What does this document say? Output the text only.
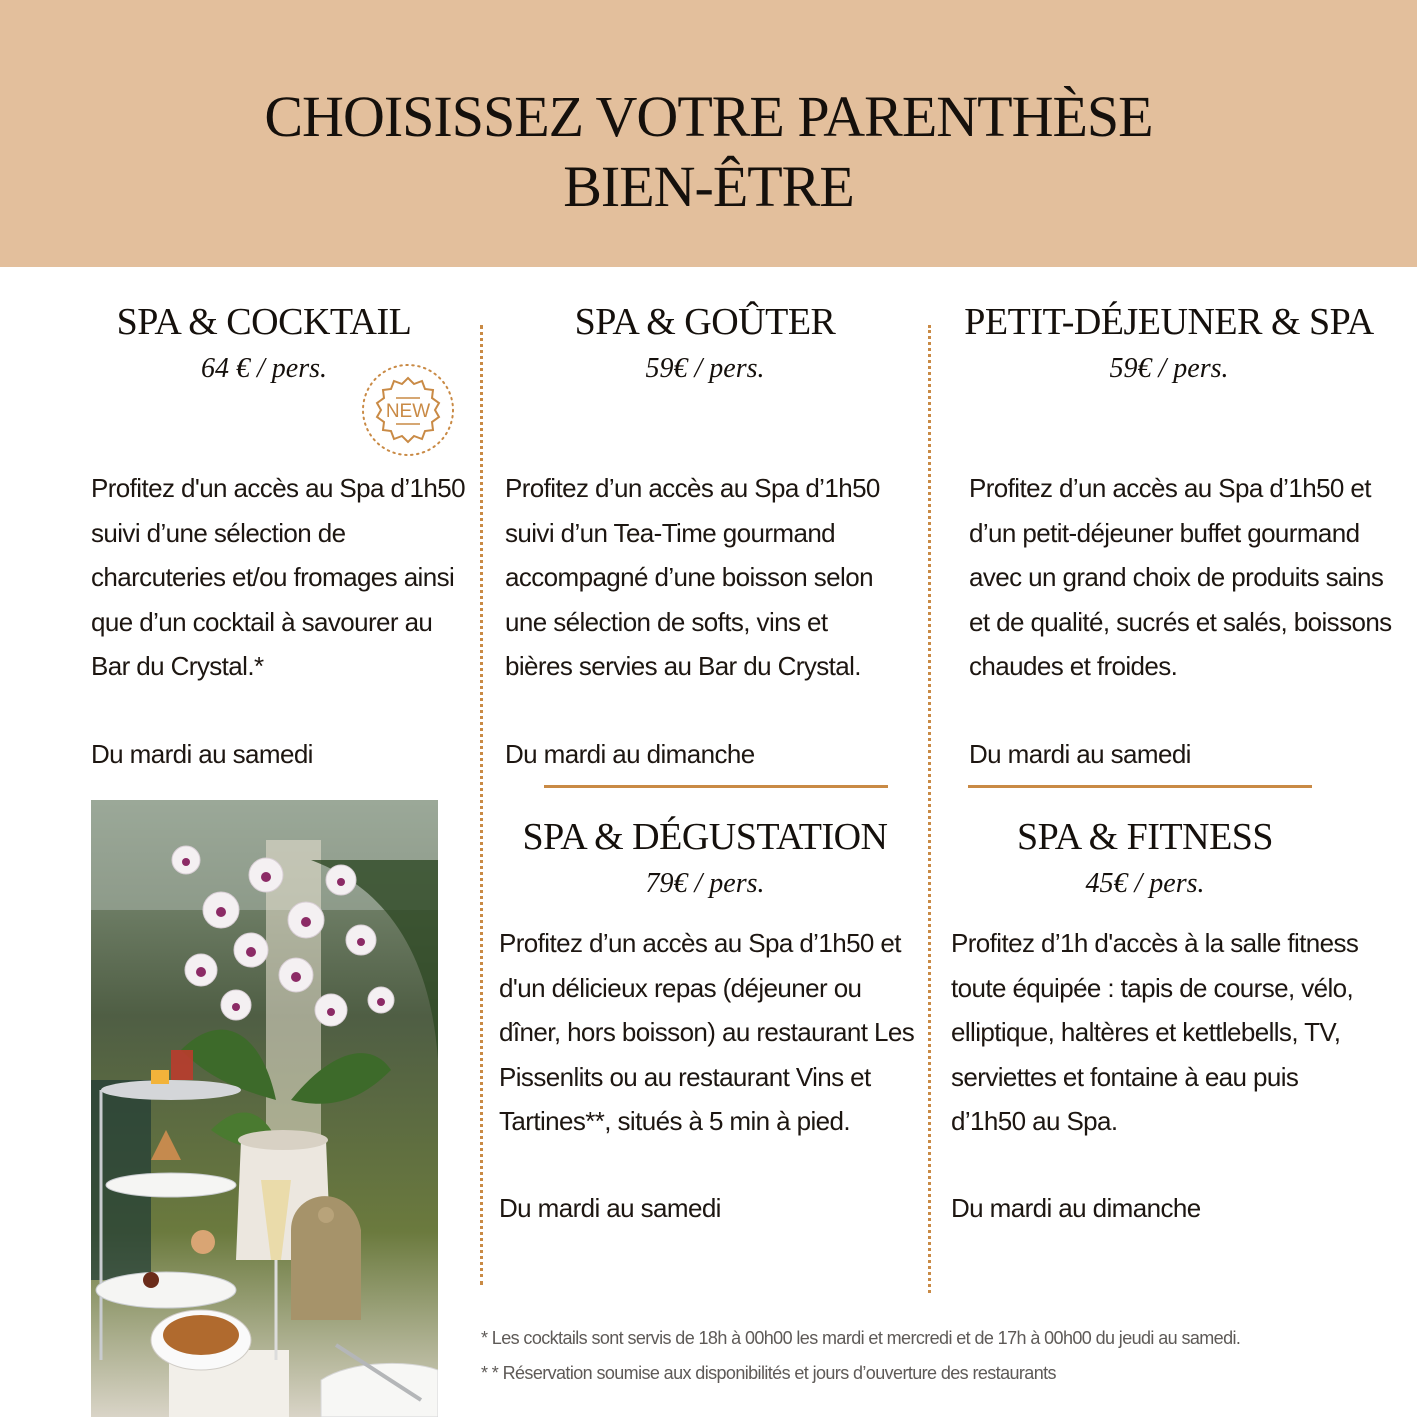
CHOISISSEZ VOTRE PARENTHÈSE
BIEN-ÊTRE
SPA & COCKTAIL

64 € / pers.

NEW

Profitez d'un accès au Spa d’1h50 suivi d’une sélection de charcuteries et/ou fromages ainsi que d’un cocktail à savourer au Bar du Crystal.*

Du mardi au samedi

SPA & GOÛTER

59€ / pers.

Profitez d’un accès au Spa d’1h50 suivi d’un Tea-Time gourmand accompagné d’une boisson selon une sélection de softs, vins et bières servies au Bar du Crystal.

Du mardi au dimanche

PETIT-DÉJEUNER & SPA

59€ / pers.

Profitez d’un accès au Spa d’1h50 et d’un petit-déjeuner buffet gourmand avec un grand choix de produits sains et de qualité, sucrés et salés, boissons chaudes et froides.

Du mardi au samedi

SPA & DÉGUSTATION

79€ / pers.

Profitez d’un accès au Spa d’1h50 et d'un délicieux repas (déjeuner ou dîner, hors boisson) au restaurant Les Pissenlits ou au restaurant Vins et Tartines**, situés à 5 min à pied.

Du mardi au samedi

SPA & FITNESS

45€ / pers.

Profitez d’1h d'accès à la salle fitness toute équipée : tapis de course, vélo, elliptique, haltères et kettlebells, TV, serviettes et fontaine à eau puis d’1h50 au Spa.

Du mardi au dimanche

* Les cocktails sont servis de 18h à 00h00 les mardi et mercredi et de 17h à 00h00 du jeudi au samedi.

* * Réservation soumise aux disponibilités et jours d’ouverture des restaurants
